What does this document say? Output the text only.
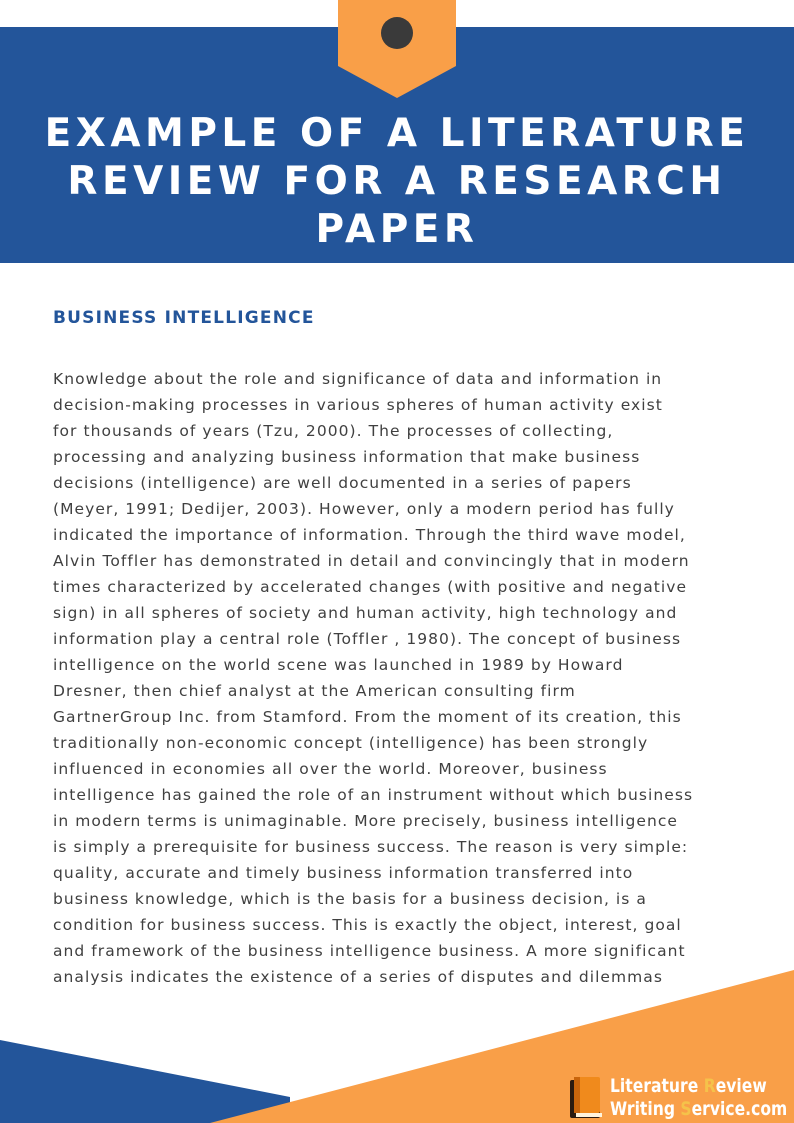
EXAMPLE OF A LITERATURE
REVIEW FOR A RESEARCH
PAPER
BUSINESS INTELLIGENCE
Knowledge about the role and significance of data and information in
decision-making processes in various spheres of human activity exist
for thousands of years (Tzu, 2000). The processes of collecting,
processing and analyzing business information that make business
decisions (intelligence) are well documented in a series of papers
(Meyer, 1991; Dedijer, 2003). However, only a modern period has fully
indicated the importance of information. Through the third wave model,
Alvin Toffler has demonstrated in detail and convincingly that in modern
times characterized by accelerated changes (with positive and negative
sign) in all spheres of society and human activity, high technology and
information play a central role (Toffler , 1980). The concept of business
intelligence on the world scene was launched in 1989 by Howard
Dresner, then chief analyst at the American consulting firm
GartnerGroup Inc. from Stamford. From the moment of its creation, this
traditionally non-economic concept (intelligence) has been strongly
influenced in economies all over the world. Moreover, business
intelligence has gained the role of an instrument without which business
in modern terms is unimaginable. More precisely, business intelligence
is simply a prerequisite for business success. The reason is very simple:
quality, accurate and timely business information transferred into
business knowledge, which is the basis for a business decision, is a
condition for business success. This is exactly the object, interest, goal
and framework of the business intelligence business. A more significant
analysis indicates the existence of a series of disputes and dilemmas
Literature Review
Writing Service.com
